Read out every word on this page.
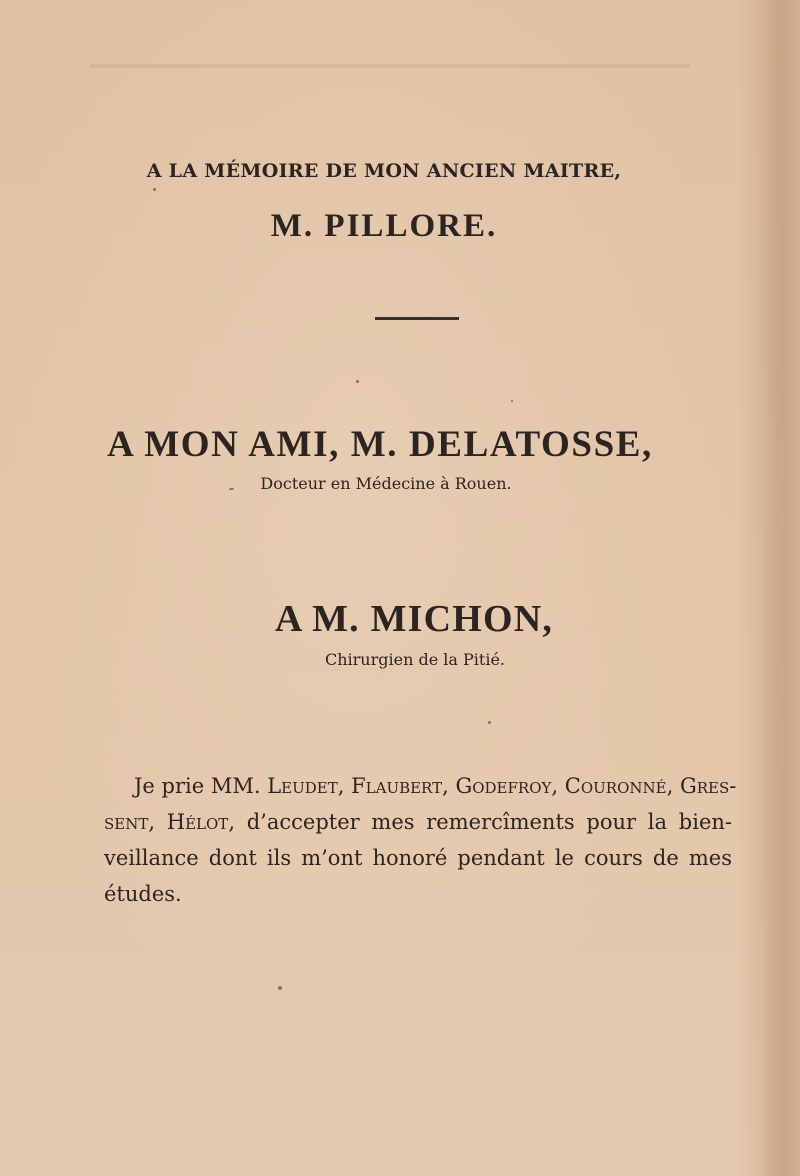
A LA MÉMOIRE DE MON ANCIEN MAITRE,
M. PILLORE.
A MON AMI, M. DELATOSSE,
Docteur en Médecine à Rouen.
A M. MICHON,
Chirurgien de la Pitié.
Je prie MM. Leudet, Flaubert, Godefroy, Couronné, Gres-
sent, Hélot, d’accepter mes remercîments pour la bien-
veillance dont ils m’ont honoré pendant le cours de mes
études.
